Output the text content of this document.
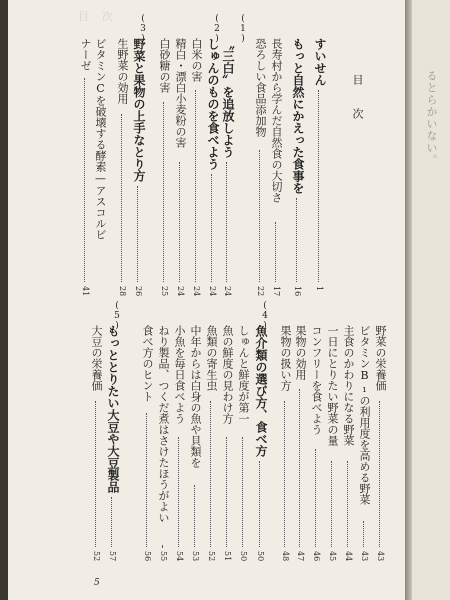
目　次
目　次
すいせん
1
もっと自然にかえった食事を
16
長寿村から学んだ自然食の大切さ
17
恐ろしい食品添加物
22
(1)
〝三白〟を追放しよう
24
(2)
しゅんのものを食べよう
24
白米の害
24
精白・漂白小麦粉の害
24
白砂糖の害
25
(3)
野菜と果物の上手なとり方
26
生野菜の効用
28
ビタミンCを破壊する酵素—アスコルビ
ナーゼ
41
野菜の栄養価
43
ビタミンB₁の利用度を高める野菜
43
主食のかわりになる野菜
44
一日にとりたい野菜の量
45
コンフリーを食べよう
46
果物の効用
47
果物の扱い方
48
(4)
魚介類の選び方、食べ方
50
しゅんと鮮度が第一
50
魚の鮮度の見わけ方
51
魚類の寄生虫
52
中年からは白身の魚や貝類を
53
小魚を毎日食べよう
54
ねり製品、つくだ煮はさけたほうがよい
55
食べ方のヒント
56
(5)
もっととりたい大豆や大豆製品
57
大豆の栄養価
52
5
るとらかいない。
